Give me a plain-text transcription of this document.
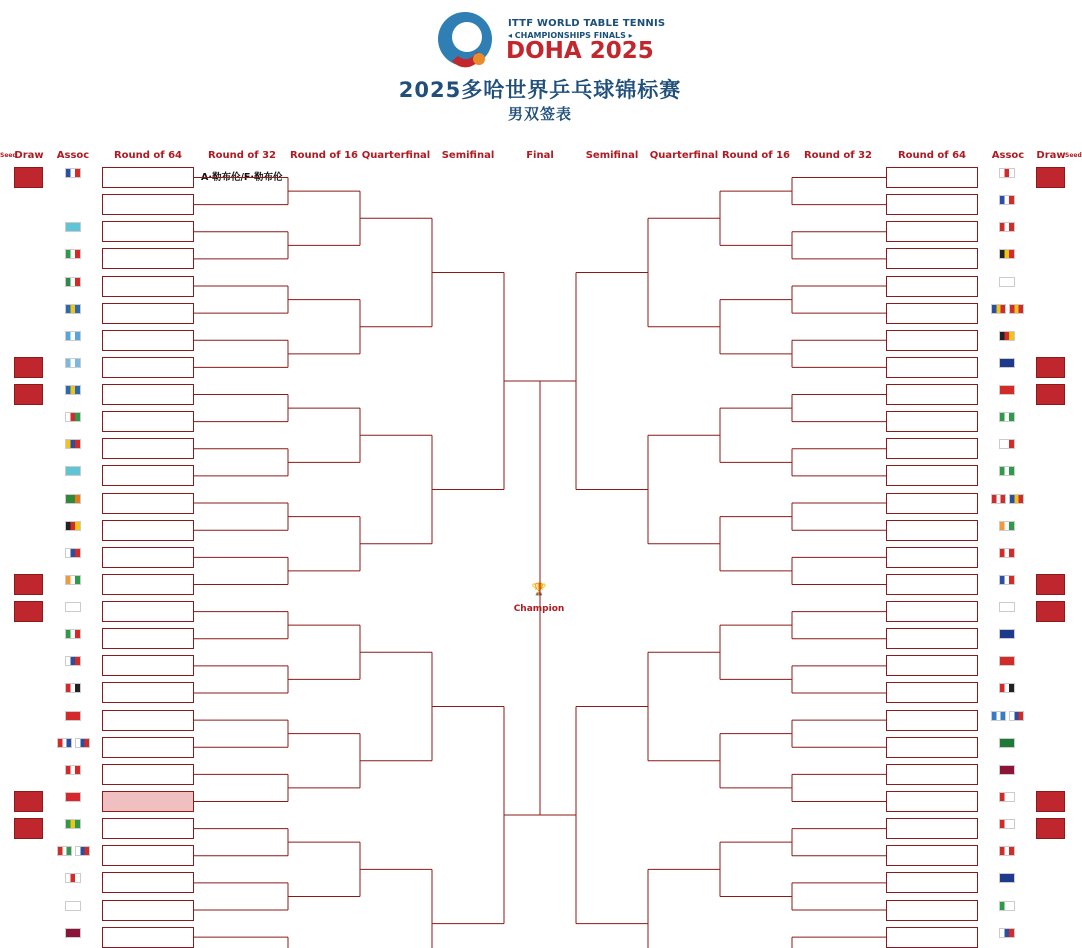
ITTF WORLD TABLE TENNIS
◂ CHAMPIONSHIPS FINALS ▸
DOHA 2025
2025多哈世界乒乓球锦标赛
男双签表
Seed
Draw	Assoc	Round of 64	Round of 32	Round of 16 Quarterfinal	Semifinal	Final	Semifinal	Quarterfinal Round of 16	Round of 32	Round of 64	Assoc	Draw Seed
A·勒布伦/F·勒布伦
🏆
Champion
